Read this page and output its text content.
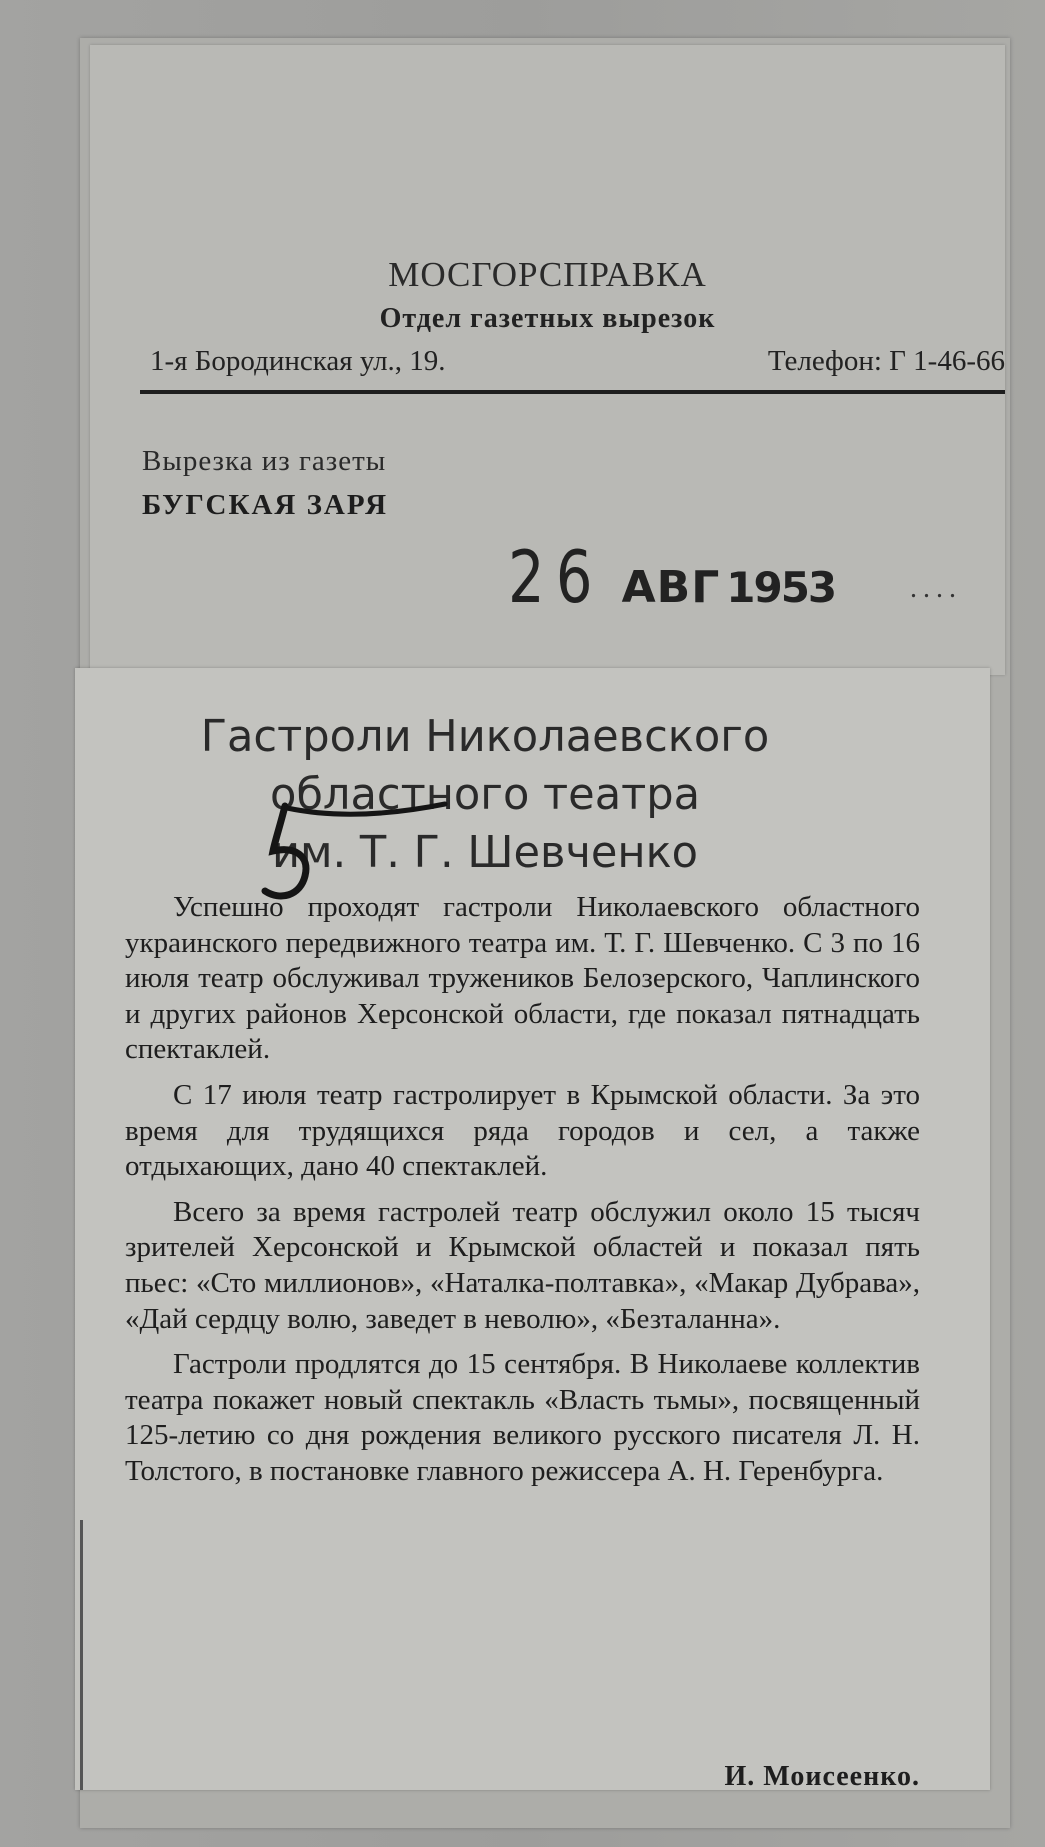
МОСГОРСПРАВКА
Отдел газетных вырезок
1-я Бородинская ул., 19.	Телефон: Г 1-46-66
Вырезка из газеты
БУГСКАЯ ЗАРЯ
26 АВГ 1953	....
Гастроли Николаевского
областного театра
им. Т. Г. Шевченко

Успешно проходят гастроли Николаевского областного украинского передвижного театра им. Т. Г. Шевченко. С 3 по 16 июля театр обслуживал тружеников Белозерского, Чаплинского и других районов Херсонской области, где показал пятнадцать спектаклей.

С 17 июля театр гастролирует в Крымской области. За это время для трудящихся ряда городов и сел, а также отдыхающих, дано 40 спектаклей.

Всего за время гастролей театр обслужил около 15 тысяч зрителей Херсонской и Крымской областей и показал пять пьес: «Сто миллионов», «Наталка-полтавка», «Макар Дубрава», «Дай сердцу волю, заведет в неволю», «Безталанна».

Гастроли продлятся до 15 сентября. В Николаеве коллектив театра покажет новый спектакль «Власть тьмы», посвященный 125-летию со дня рождения великого русского писателя Л. Н. Толстого, в постановке главного режиссера А. Н. Геренбурга.

И. Моисеенко.
